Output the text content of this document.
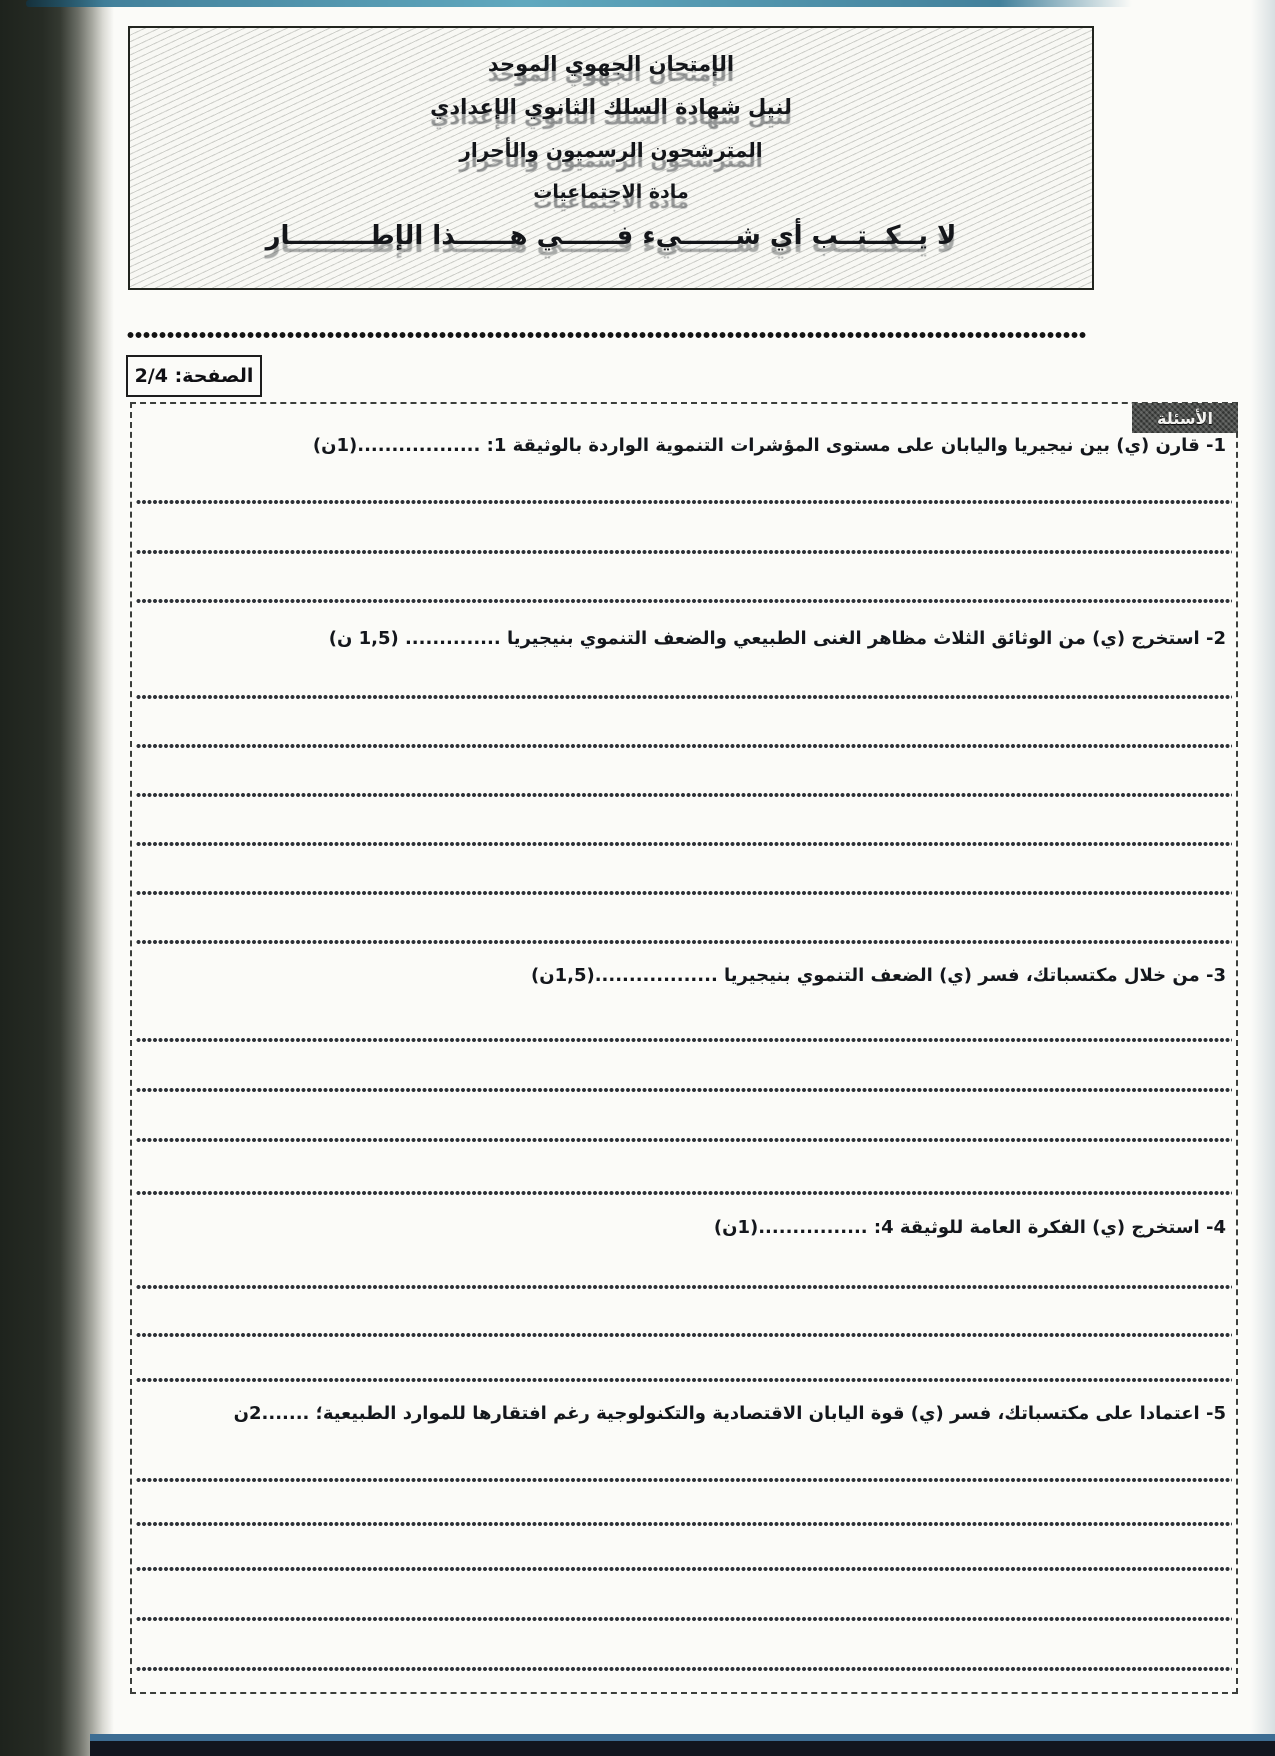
الإمتحان الجهوي الموحد
لنيل شهادة السلك الثانوي الإعدادي
المترشحون الرسميون والأحرار
مادة الاجتماعيات
لا يــكــتــب أي شــــــيء فــــــي هــــــذا الإطـــــــــار
الصفحة: 2/4
الأسئلة
1- قارن (ي) بين نيجيريا واليابان على مستوى المؤشرات التنموية الواردة بالوثيقة 1: ..................(1ن)
2- استخرج (ي) من الوثائق الثلاث مظاهر الغنى الطبيعي والضعف التنموي بنيجيريا .............. (1,5 ن)
3- من خلال مكتسباتك، فسر (ي) الضعف التنموي بنيجيريا ..................(1,5ن)
4- استخرج (ي) الفكرة العامة للوثيقة 4: ................(1ن)
5- اعتمادا على مكتسباتك، فسر (ي) قوة اليابان الاقتصادية والتكنولوجية رغم افتقارها للموارد الطبيعية؛ .......2ن
